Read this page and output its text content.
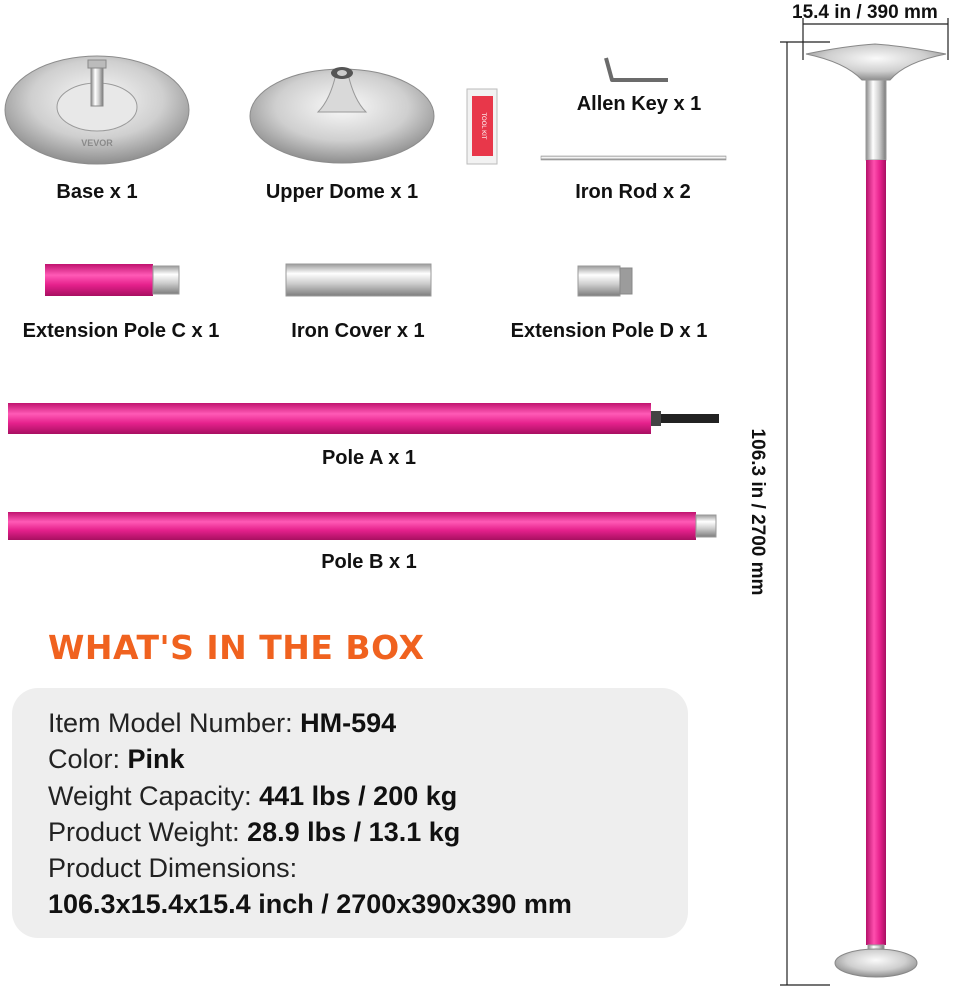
VEVOR
TOOL KIT
Base x 1	Upper Dome x 1
Allen Key x 1
Iron Rod x 2
Extension Pole C x 1	Iron Cover x 1	Extension Pole D x 1
Pole A x 1
Pole B x 1
WHAT'S IN THE BOX
Item Model Number: HM-594
Color: Pink
Weight Capacity: 441 lbs / 200 kg
Product Weight: 28.9 lbs / 13.1 kg
Product Dimensions:
106.3x15.4x15.4 inch / 2700x390x390 mm
15.4 in / 390 mm
106.3 in / 2700 mm
